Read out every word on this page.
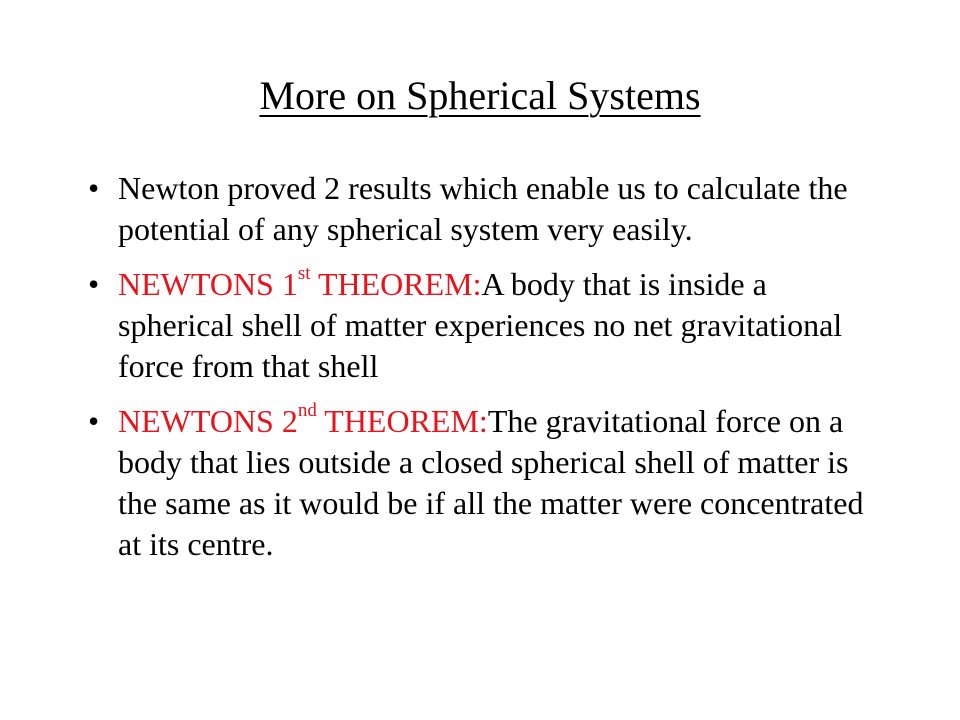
More on Spherical Systems
• Newton proved 2 results which enable us to calculate the potential of any spherical system very easily.
• NEWTONS 1st THEOREM:A body that is inside a spherical shell of matter experiences no net gravitational force from that shell
• NEWTONS 2nd THEOREM:The gravitational force on a body that lies outside a closed spherical shell of matter is the same as it would be if all the matter were concentrated at its centre.
